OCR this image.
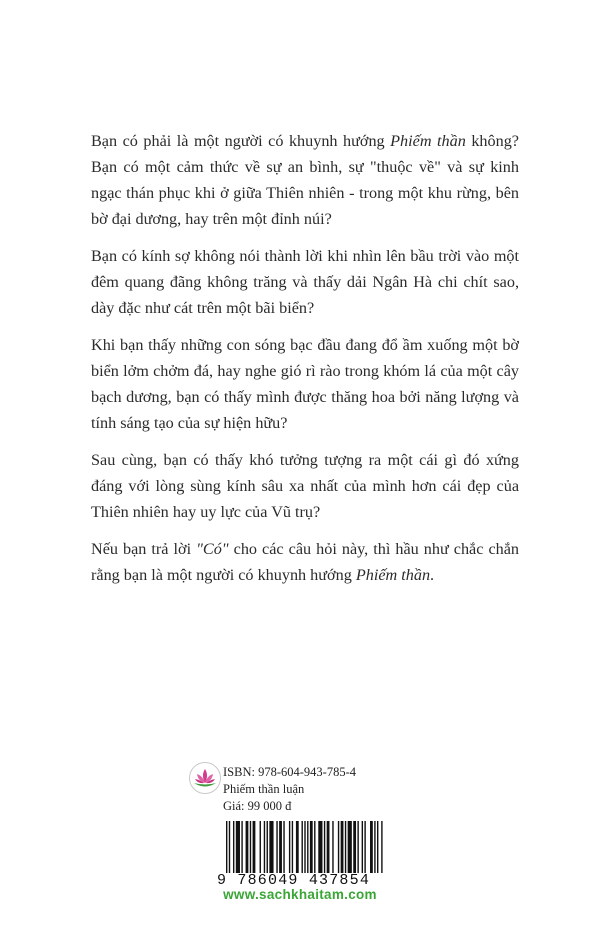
Bạn có phải là một người có khuynh hướng Phiếm thần không? Bạn có một cảm thức về sự an bình, sự "thuộc về" và sự kinh ngạc thán phục khi ở giữa Thiên nhiên - trong một khu rừng, bên bờ đại dương, hay trên một đỉnh núi?

Bạn có kính sợ không nói thành lời khi nhìn lên bầu trời vào một đêm quang đãng không trăng và thấy dải Ngân Hà chi chít sao, dày đặc như cát trên một bãi biển?

Khi bạn thấy những con sóng bạc đầu đang đổ ầm xuống một bờ biển lởm chởm đá, hay nghe gió rì rào trong khóm lá của một cây bạch dương, bạn có thấy mình được thăng hoa bởi năng lượng và tính sáng tạo của sự hiện hữu?

Sau cùng, bạn có thấy khó tưởng tượng ra một cái gì đó xứng đáng với lòng sùng kính sâu xa nhất của mình hơn cái đẹp của Thiên nhiên hay uy lực của Vũ trụ?

Nếu bạn trả lời "Có" cho các câu hỏi này, thì hầu như chắc chắn rằng bạn là một người có khuynh hướng Phiếm thần.

ISBN: 978-604-943-785-4
Phiếm thần luận
Giá: 99 000 đ
9 786049 437854
www.sachkhaitam.com
